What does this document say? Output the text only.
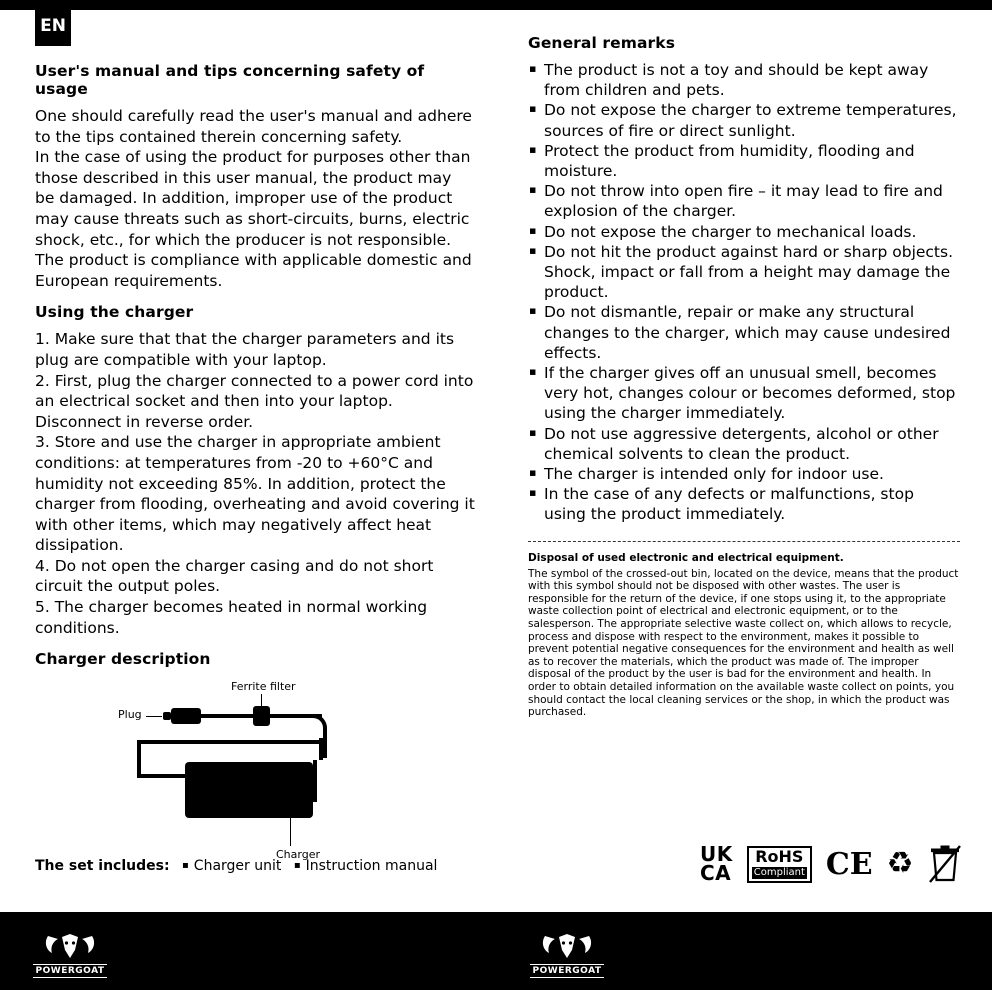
EN
User's manual and tips concerning safety of usage

One should carefully read the user's manual and adhere to the tips contained therein concerning safety.

In the case of using the product for purposes other than those described in this user manual, the product may be damaged. In addition, improper use of the product may cause threats such as short-circuits, burns, electric shock, etc., for which the producer is not responsible.

The product is compliance with applicable domestic and European requirements.

Using the charger

1. Make sure that that the charger parameters and its plug are compatible with your laptop.

2. First, plug the charger connected to a power cord into an electrical socket and then into your laptop. Disconnect in reverse order.

3. Store and use the charger in appropriate ambient conditions: at temperatures from -20 to +60°C and humidity not exceeding 85%. In addition, protect the charger from flooding, overheating and avoid covering it with other items, which may negatively affect heat dissipation.

4. Do not open the charger casing and do not short circuit the output poles.

5. The charger becomes heated in normal working conditions.

Charger description
Ferrite filter
Plug
Charger
General remarks
▪ The product is not a toy and should be kept away from children and pets.
▪ Do not expose the charger to extreme temperatures, sources of fire or direct sunlight.
▪ Protect the product from humidity, flooding and moisture.
▪ Do not throw into open fire – it may lead to fire and explosion of the charger.
▪ Do not expose the charger to mechanical loads.
▪ Do not hit the product against hard or sharp objects. Shock, impact or fall from a height may damage the product.
▪ Do not dismantle, repair or make any structural changes to the charger, which may cause undesired effects.
▪ If the charger gives off an unusual smell, becomes very hot, changes colour or becomes deformed, stop using the charger immediately.
▪ Do not use aggressive detergents, alcohol or other chemical solvents to clean the product.
▪ The charger is intended only for indoor use.
▪ In the case of any defects or malfunctions, stop using the product immediately.

Disposal of used electronic and electrical equipment.

The symbol of the crossed-out bin, located on the device, means that the product with this symbol should not be disposed with other wastes. The user is responsible for the return of the device, if one stops using it, to the appropriate waste collection point of electrical and electronic equipment, or to the salesperson. The appropriate selective waste collect on, which allows to recycle, process and dispose with respect to the environment, makes it possible to prevent potential negative consequences for the environment and health as well as to recover the materials, which the product was made of. The improper disposal of the product by the user is bad for the environment and health. In order to obtain detailed information on the available waste collect on points, you should contact the local cleaning services or the shop, in which the product was purchased.

The set includes: ▪ Charger unit ▪ Instruction manual	UK
CA
RoHS
Compliant CE ♻
POWERGOAT	POWERGOAT
